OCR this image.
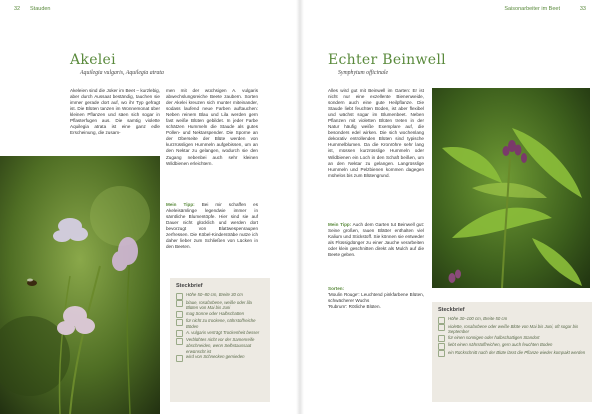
32 Stauden
Akelei
Aquilegia vulgaris, Aquilegia atrata
Akeleien sind die Joker im Beet – kurzlebig, aber durch Aussaat beständig, tauchen sie immer gerade dort auf, wo ihr Typ gefragt ist. Die Blüten tanzen im Wonnemonat über kleinen Pflanzen und säen sich sogar in Pflasterfugen aus. Die samtig violette Aquilegia atrata ist eine ganz edle Erscheinung, die zusam-
men mit der wüchsigen A. vulgaris abwechslungsreiche Beete zaubern. Sorten der Akelei kreuzen sich munter miteinander, sodass laufend neue Farben auftauchen: Neben reinem Blau und Lila werden gern fast weiße Blüten gebildet. In jeder Farbe schätzen Hummeln die Staude als gutes Pollen- und Nektarspender. Die Sporne an der Oberseite der Blüte werden von kurzrüssligen Hummeln aufgebissen, um an den Nektar zu gelangen, wodurch sie den Zugang nebenbei auch sehr kleinen Wildbienen erleichtern.
Mein Tipp: Bei mir schaffen es Akeleisämlinge legendwie immer in sämtliche Blumentöpfe. Hier sind sie auf Dauer nicht glücklich und werden dort bevorzugt von Blattwespenraupen zerfressen. Die Köbel-Kindersträbe nutze ich daher lieber zum Schließen von Lücken in den Beeten.
Steckbrief
Höhe 50–80 cm, Breite 30 cm
blaue, rosafarbene, weiße oder lila Blüten von Mai bis Juni
mag Sonne oder Halbschatten
für nicht zu trockene, nährstoffreiche Böden
A. vulgaris verträgt Trockenheit besser
Verblühtes nicht vor der Samenreife abschneiden, wenn Selbstaussaat erwünscht ist
wird von Schnecken gemieden
Saisonarbeiter im Beet	33
Echter Beinwell
Symphytum officinale
Alles wird gut mit Beinwell im Garten: Er ist nicht nur eine exzellente Bienenweide, sondern auch eine gute Heilpflanze. Die Staude liebt feuchten Boden, ist aber flexibel und wächst sogar im Blumenbeet. Neben Pflanzen mit violetten Blüten treten in der Natur häufig weiße Exemplare auf, die besonders edel wirken. Die sich wochenlang dekorativ entrollenden Blüten sind typische Hummelblumen. Da die Kronröhre sehr lang ist, müssen kurzrüsslige Hummeln oder Wildbienen ein Loch in den Schaft beißen, um an den Nektar zu gelangen. Langrüsslige Hummeln und Pelzbienen kommen dagegen mühelos bis zum Blütengrund.
Mein Tipp: Auch dem Garten tut Beinwell gut: Seine großen, rauen Blätter enthalten viel Kalium und Stickstoff. Sie können sie entweder als Flüssigdünger zu einer Jauche verarbeiten oder klein geschnitten direkt als Mulch auf die Beete geben.
Sorten:
'Moulin Rouge': Leuchtend pinkfarbene Blüten, schwächerer Wuchs
'Rubrum': Rötliche Blüten.
Steckbrief
Höhe 30–100 cm, Breite 50 cm
violette, rosafarbene oder weiße Blüte von Mai bis Juni, oft sogar bis September
für einen sonnigen oder halbschattigen Standort
liebt einen nährstoffreichen, gern auch feuchten Boden
ein Rückschnitt nach der Blüte lässt die Pflanze wieder kompakt werden
